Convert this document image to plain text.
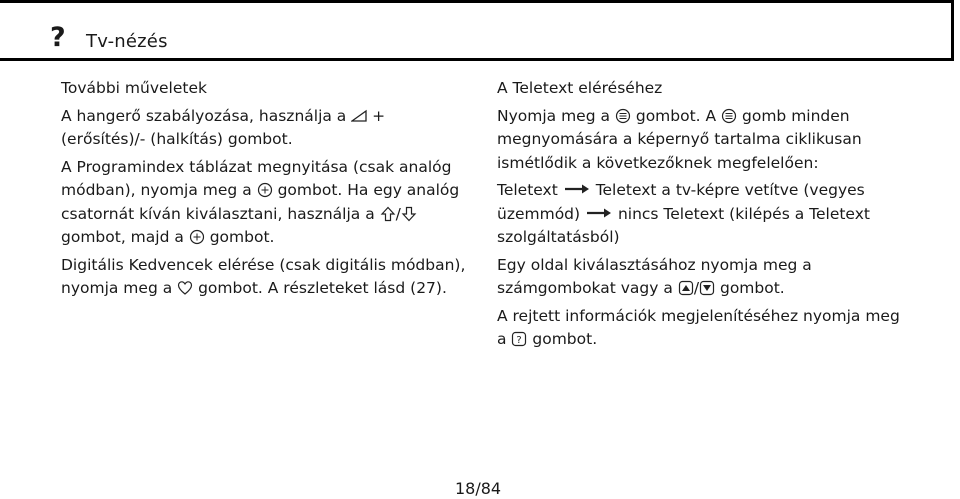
? Tv-nézés

További műveletek

A hangerő szabályozása, használja a +
(erősítés)/- (halkítás) gombot.

A Programindex táblázat megnyitása (csak analóg
módban), nyomja meg a gombot. Ha egy analóg
csatornát kíván kiválasztani, használja a /

gombot, majd a gombot.

Digitális Kedvencek elérése (csak digitális módban),
nyomja meg a gombot. A részleteket lásd (27).

A Teletext eléréséhez

Nyomja meg a gombot. A gomb minden
megnyomására a képernyő tartalma ciklikusan
ismétlődik a következőknek megfelelően:

Teletext Teletext a tv-képre vetítve (vegyes
üzemmód) nincs Teletext (kilépés a Teletext
szolgáltatásból)

Egy oldal kiválasztásához nyomja meg a
számgombokat vagy a / gombot.

A rejtett információk megjelenítéséhez nyomja meg
a ? gombot.

18/84
